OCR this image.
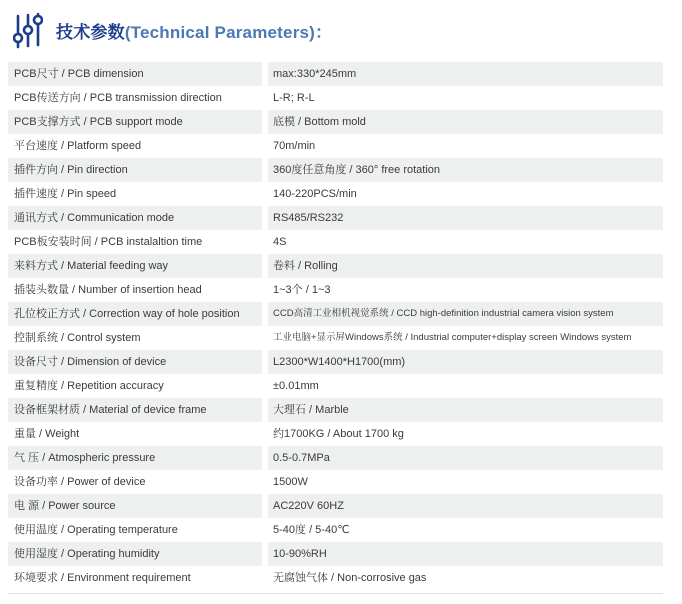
技术参数(Technical Parameters)：
PCB尺寸 / PCB dimension	max:330*245mm
PCB传送方向 / PCB transmission direction	L-R; R-L
PCB支撑方式 / PCB support mode	底模 / Bottom mold
平台速度 / Platform speed	70m/min
插件方向 / Pin direction	360度任意角度 / 360° free rotation
插件速度 / Pin speed	140-220PCS/min
通讯方式 / Communication mode	RS485/RS232
PCB板安装时间 / PCB instalaltion time	4S
来料方式 / Material feeding way	卷料 / Rolling
插装头数量 / Number of insertion head	1~3个 / 1~3
孔位校正方式 / Correction way of hole position	CCD高清工业相机视觉系统 / CCD high-definition industrial camera vision system
控制系统 / Control system	工业电脑+显示屏Windows系统 / Industrial computer+display screen Windows system
设备尺寸 / Dimension of device	L2300*W1400*H1700(mm)
重复精度 / Repetition accuracy	±0.01mm
设备框架材质 / Material of device frame	大理石 / Marble
重量 / Weight	约1700KG / About 1700 kg
气 压 / Atmospheric pressure	0.5-0.7MPa
设备功率 / Power of device	1500W
电 源 / Power source	AC220V 60HZ
使用温度 / Operating temperature	5-40度 / 5-40℃
使用湿度 / Operating humidity	10-90%RH
环境要求 / Environment requirement	无腐蚀气体 / Non-corrosive gas
